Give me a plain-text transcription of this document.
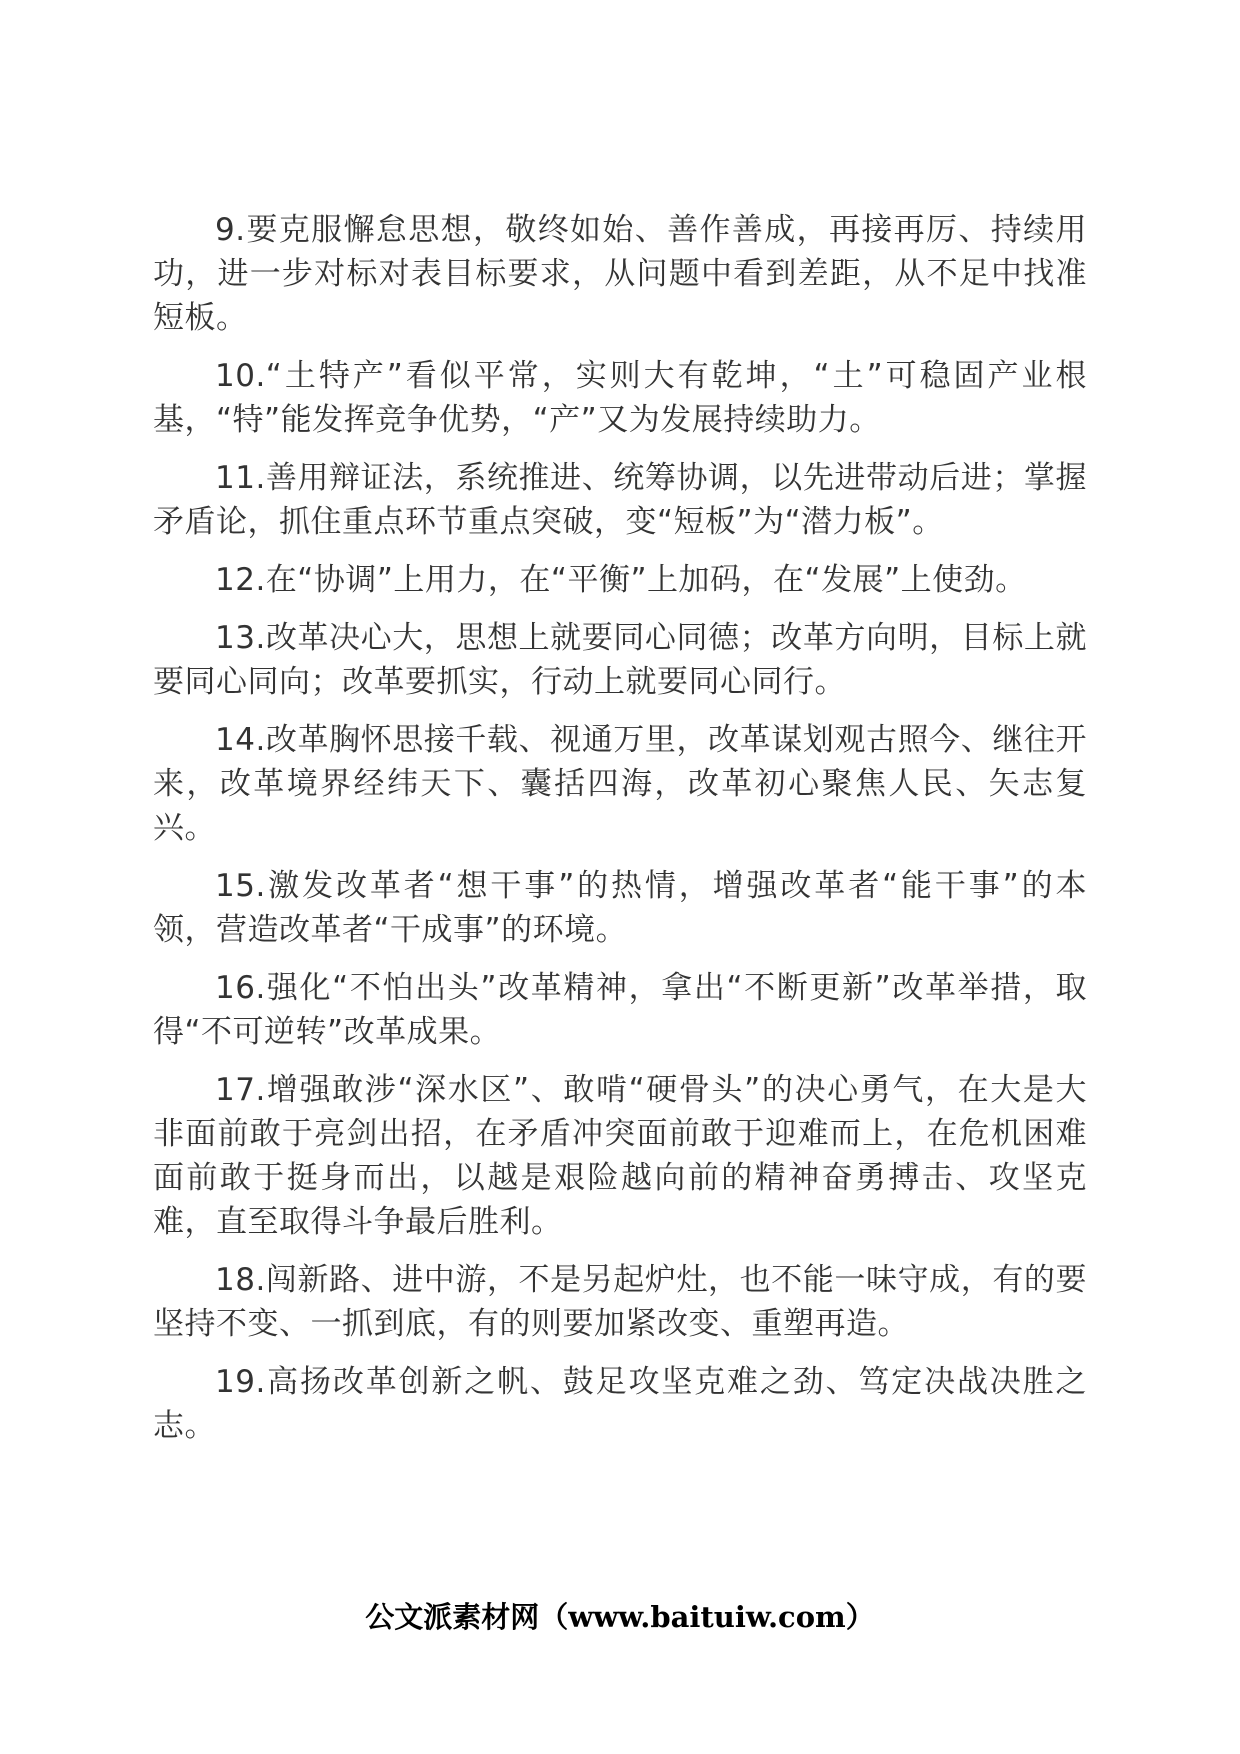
9.要克服懈怠思想，敬终如始、善作善成，再接再厉、持续用功，进一步对标对表目标要求，从问题中看到差距，从不足中找准短板。

10.“土特产”看似平常，实则大有乾坤，“土”可稳固产业根基，“特”能发挥竞争优势，“产”又为发展持续助力。

11.善用辩证法，系统推进、统筹协调，以先进带动后进；掌握矛盾论，抓住重点环节重点突破，变“短板”为“潜力板”。

12.在“协调”上用力，在“平衡”上加码，在“发展”上使劲。

13.改革决心大，思想上就要同心同德；改革方向明，目标上就要同心同向；改革要抓实，行动上就要同心同行。

14.改革胸怀思接千载、视通万里，改革谋划观古照今、继往开来，改革境界经纬天下、囊括四海，改革初心聚焦人民、矢志复兴。

15.激发改革者“想干事”的热情，增强改革者“能干事”的本领，营造改革者“干成事”的环境。

16.强化“不怕出头”改革精神，拿出“不断更新”改革举措，取得“不可逆转”改革成果。

17.增强敢涉“深水区”、敢啃“硬骨头”的决心勇气，在大是大非面前敢于亮剑出招，在矛盾冲突面前敢于迎难而上，在危机困难面前敢于挺身而出，以越是艰险越向前的精神奋勇搏击、攻坚克难，直至取得斗争最后胜利。

18.闯新路、进中游，不是另起炉灶，也不能一味守成，有的要坚持不变、一抓到底，有的则要加紧改变、重塑再造。

19.高扬改革创新之帆、鼓足攻坚克难之劲、笃定决战决胜之志。

公文派素材网（www.baituiw.com）
